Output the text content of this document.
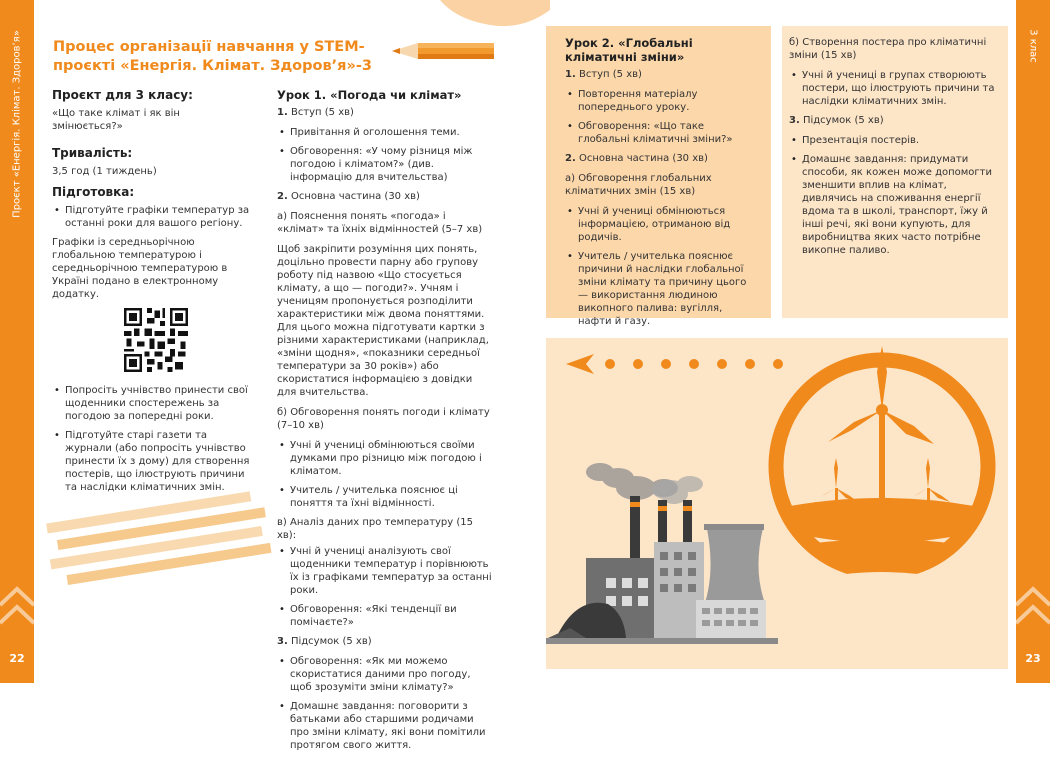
Проєкт «Енергія. Клімат. Здоров’я»
22
3 клас
23
Процес організації навчання у STEM-проєкті «Енергія. Клімат. Здоров’я»-3
Проєкт для 3 класу:
«Що таке клімат і як він змінюється?»
Тривалість:
3,5 год (1 тиждень)
Підготовка:
• Підготуйте графіки температур за останні роки для вашого регіону.
Графіки із середньорічною глобальною температурою і середньорічною температурою в Україні подано в електронному додатку.
• Попросіть учнівство принести свої щоденники спостережень за погодою за попередні роки.
• Підготуйте старі газети та журнали (або попросіть учнівство принести їх з дому) для створення постерів, що ілюструють причини та наслідки кліматичних змін.
Урок 1. «Погода чи клімат»
1. Вступ (5 хв)
• Привітання й оголошення теми.
• Обговорення: «У чому різниця між погодою і кліматом?» (див. інформацію для вчительства)
2. Основна частина (30 хв)
а) Пояснення понять «погода» і «клімат» та їхніх відмінностей (5–7 хв)
Щоб закріпити розуміння цих понять, доцільно провести парну або групову роботу під назвою «Що стосується клімату, а що — погоди?». Учням і ученицям пропонується розподілити характеристики між двома поняттями. Для цього можна підготувати картки з різними характеристиками (наприклад, «зміни щодня», «показники середньої температури за 30 років») або скористатися інформацією з довідки для вчительства.
б) Обговорення понять погоди і клімату (7–10 хв)
• Учні й учениці обмінюються своїми думками про різницю між погодою і кліматом.
• Учитель / учителька пояснює ці поняття та їхні відмінності.
в) Аналіз даних про температуру (15 хв):
• Учні й учениці аналізують свої щоденники температур і порівнюють їх із графіками температур за останні роки.
• Обговорення: «Які тенденції ви помічаєте?»
3. Підсумок (5 хв)
• Обговорення: «Як ми можемо скористатися даними про погоду, щоб зрозуміти зміни клімату?»
• Домашнє завдання: поговорити з батьками або старшими родичами про зміни клімату, які вони помітили протягом свого життя.
Урок 2. «Глобальні кліматичні зміни»
1. Вступ (5 хв)
• Повторення матеріалу попереднього уроку.
• Обговорення: «Що таке глобальні кліматичні зміни?»
2. Основна частина (30 хв)
а) Обговорення глобальних кліматичних змін (15 хв)
• Учні й учениці обмінюються інформацією, отриманою від родичів.
• Учитель / учителька пояснює причини й наслідки глобальної зміни клімату та причину цього — використання людиною викопного палива: вугілля, нафти й газу.
б) Створення постера про кліматичні зміни (15 хв)
• Учні й учениці в групах створюють постери, що ілюструють причини та наслідки кліматичних змін.
3. Підсумок (5 хв)
• Презентація постерів.
• Домашнє завдання: придумати способи, як кожен може допомогти зменшити вплив на клімат, дивлячись на споживання енергії вдома та в школі, транспорт, їжу й інші речі, які вони купують, для виробництва яких часто потрібне викопне паливо.
